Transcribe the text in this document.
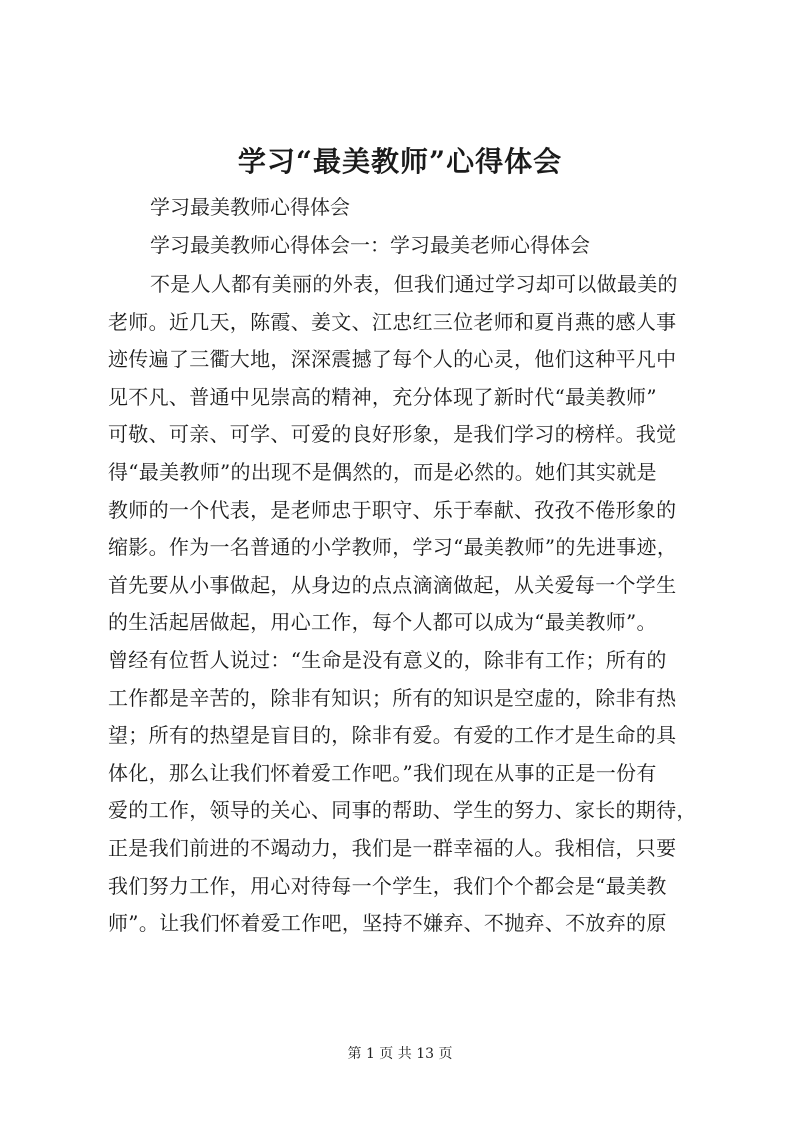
学习“最美教师”心得体会
学习最美教师心得体会
学习最美教师心得体会一：学习最美老师心得体会
不是人人都有美丽的外表，但我们通过学习却可以做最美的
老师。近几天，陈霞、姜文、江忠红三位老师和夏肖燕的感人事
迹传遍了三衢大地，深深震撼了每个人的心灵，他们这种平凡中
见不凡、普通中见崇高的精神，充分体现了新时代“最美教师”
可敬、可亲、可学、可爱的良好形象，是我们学习的榜样。我觉
得“最美教师”的出现不是偶然的，而是必然的。她们其实就是
教师的一个代表，是老师忠于职守、乐于奉献、孜孜不倦形象的
缩影。作为一名普通的小学教师，学习“最美教师”的先进事迹，
首先要从小事做起，从身边的点点滴滴做起，从关爱每一个学生
的生活起居做起，用心工作，每个人都可以成为“最美教师”。
曾经有位哲人说过：“生命是没有意义的，除非有工作；所有的
工作都是辛苦的，除非有知识；所有的知识是空虚的，除非有热
望；所有的热望是盲目的，除非有爱。有爱的工作才是生命的具
体化，那么让我们怀着爱工作吧。”我们现在从事的正是一份有
爱的工作，领导的关心、同事的帮助、学生的努力、家长的期待，
正是我们前进的不竭动力，我们是一群幸福的人。我相信，只要
我们努力工作，用心对待每一个学生，我们个个都会是“最美教
师”。让我们怀着爱工作吧，坚持不嫌弃、不抛弃、不放弃的原
第 1 页 共 13 页
